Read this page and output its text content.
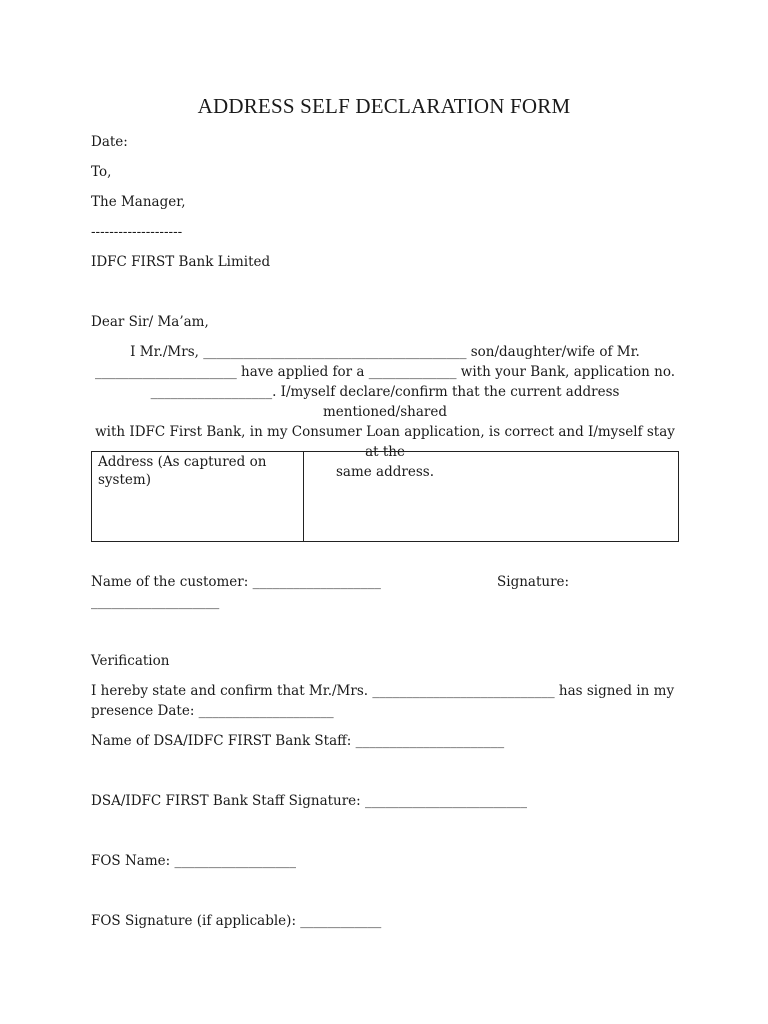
ADDRESS SELF DECLARATION FORM
Date:
To,
The Manager,
--------------------
IDFC FIRST Bank Limited
Dear Sir/ Ma’am,
I Mr./Mrs, _______________________________________ son/daughter/wife of Mr.
_____________________ have applied for a _____________ with your Bank, application no.
__________________. I/myself declare/confirm that the current address mentioned/shared
with IDFC First Bank, in my Consumer Loan application, is correct and I/myself stay at the
same address.
Address (As captured on system)
Name of the customer: ___________________	Signature:
___________________
Verification
I hereby state and confirm that Mr./Mrs. ___________________________ has signed in my
presence Date: ____________________
Name of DSA/IDFC FIRST Bank Staff: ______________________
DSA/IDFC FIRST Bank Staff Signature: ________________________
FOS Name: __________________
FOS Signature (if applicable): ____________
